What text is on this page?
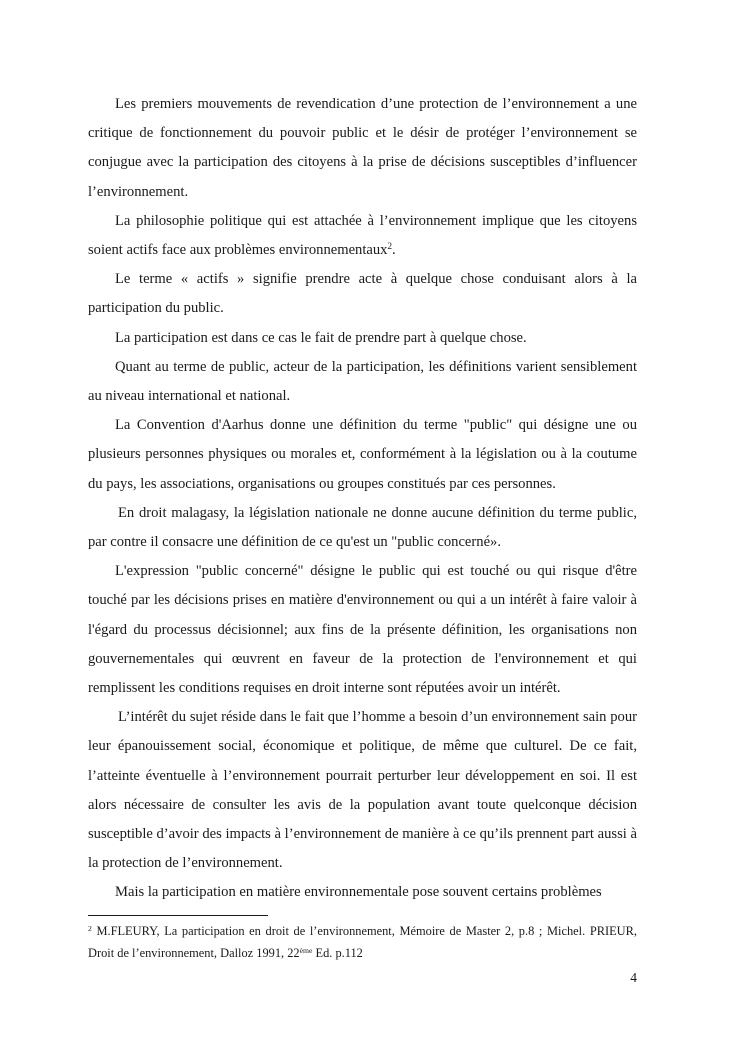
Les premiers mouvements de revendication d’une protection de l’environnement a une critique de fonctionnement du pouvoir public et le désir de protéger l’environnement se conjugue avec la participation des citoyens à la prise de décisions susceptibles d’influencer l’environnement.

La philosophie politique qui est attachée à l’environnement implique que les citoyens soient actifs face aux problèmes environnementaux$^2$.

Le terme « actifs » signifie prendre acte à quelque chose conduisant alors à la participation du public.

La participation est dans ce cas le fait de prendre part à quelque chose.

Quant au terme de public, acteur de la participation, les définitions varient sensiblement au niveau international et national.

La Convention d'Aarhus donne une définition du terme "public" qui désigne une ou plusieurs personnes physiques ou morales et, conformément à la législation ou à la coutume du pays, les associations, organisations ou groupes constitués par ces personnes.

En droit malagasy, la législation nationale ne donne aucune définition du terme public, par contre il consacre une définition de ce qu'est un "public concerné».

L'expression "public concerné" désigne le public qui est touché ou qui risque d'être touché par les décisions prises en matière d'environnement ou qui a un intérêt à faire valoir à l'égard du processus décisionnel; aux fins de la présente définition, les organisations non gouvernementales qui œuvrent en faveur de la protection de l'environnement et qui remplissent les conditions requises en droit interne sont réputées avoir un intérêt.

L’intérêt du sujet réside dans le fait que l’homme a besoin d’un environnement sain pour leur épanouissement social, économique et politique, de même que culturel. De ce fait, l’atteinte éventuelle à l’environnement pourrait perturber leur développement en soi. Il est alors nécessaire de consulter les avis de la population avant toute quelconque décision susceptible d’avoir des impacts à l’environnement de manière à ce qu’ils prennent part aussi à la protection de l’environnement.

Mais la participation en matière environnementale pose souvent certains problèmes

$^2$ M.FLEURY, La participation en droit de l’environnement, Mémoire de Master 2, p.8 ; Michel. PRIEUR, Droit de l’environnement, Dalloz 1991, 22ème Ed. p.112

4
